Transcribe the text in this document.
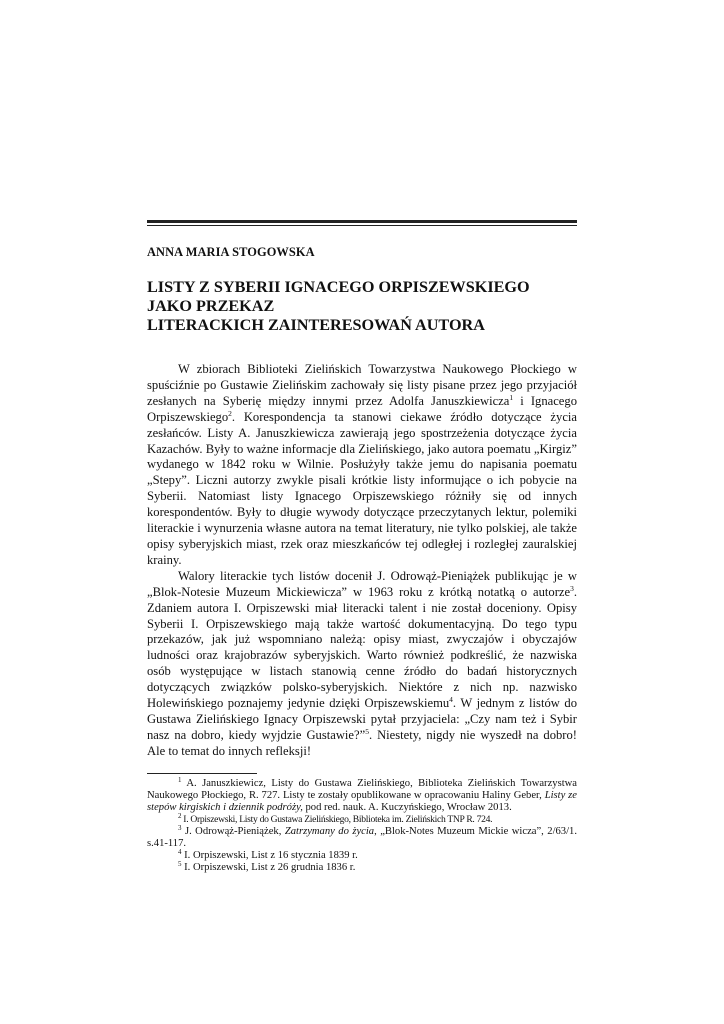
ANNA MARIA STOGOWSKA
LISTY Z SYBERII IGNACEGO ORPISZEWSKIEGO
JAKO PRZEKAZ
LITERACKICH ZAINTERESOWAŃ AUTORA

W zbiorach Biblioteki Zielińskich Towarzystwa Naukowego Płockiego w spuściźnie po Gustawie Zielińskim zachowały się listy pisane przez jego przyjaciół zesłanych na Syberię między innymi przez Adolfa Januszkiewicza$^1$ i Ignacego Orpiszewskiego$^2$. Korespondencja ta stanowi ciekawe źródło dotyczące życia zesłańców. Listy A. Januszkiewicza zawierają jego spostrzeżenia dotyczące życia Kazachów. Były to ważne informacje dla Zielińskiego, jako autora poematu „Kirgiz” wydanego w 1842 roku w Wilnie. Posłużyły także jemu do napisania poematu „Stepy”. Liczni autorzy zwykle pisali krótkie listy informujące o ich pobycie na Syberii. Natomiast listy Ignacego Orpiszewskiego różniły się od innych korespondentów. Były to długie wywody dotyczące przeczytanych lektur, polemiki literackie i wynurzenia własne autora na temat literatury, nie tylko polskiej, ale także opisy syberyjskich miast, rzek oraz mieszkańców tej odległej i rozległej zauralskiej krainy.

Walory literackie tych listów docenił J. Odrowąż-Pieniążek publikując je w „Blok-Notesie Muzeum Mickiewicza” w 1963 roku z krótką notatką o autorze$^3$. Zdaniem autora I. Orpiszewski miał literacki talent i nie został doceniony. Opisy Syberii I. Orpiszewskiego mają także wartość dokumentacyjną. Do tego typu przekazów, jak już wspomniano należą: opisy miast, zwyczajów i obyczajów ludności oraz krajobrazów syberyjskich. Warto również podkreślić, że nazwiska osób występujące w listach stanowią cenne źródło do badań historycznych dotyczących związków polsko-syberyjskich. Niektóre z nich np. nazwisko Holewińskiego poznajemy jedynie dzięki Orpiszewskiemu$^4$. W jednym z listów do Gustawa Zielińskiego Ignacy Orpiszewski pytał przyjaciela: „Czy nam też i Sybir nasz na dobro, kiedy wyjdzie Gustawie?”$^5$. Niestety, nigdy nie wyszedł na dobro! Ale to temat do innych refleksji!

$^1$ A. Januszkiewicz, Listy do Gustawa Zielińskiego, Biblioteka Zielińskich Towarzystwa Naukowego Płockiego, R. 727. Listy te zostały opublikowane w opracowaniu Haliny Geber, Listy ze stepów kirgiskich i dziennik podróży, pod red. nauk. A. Kuczyńskiego, Wrocław 2013.

$^2$ I. Orpiszewski, Listy do Gustawa Zielińskiego, Biblioteka im. Zielińskich TNP R. 724.

$^3$ J. Odrowąż-Pieniążek, Zatrzymany do życia, „Blok-Notes Muzeum Mickie wicza”, 2/63/1. s.41-117.

$^4$ I. Orpiszewski, List z 16 stycznia 1839 r.

$^5$ I. Orpiszewski, List z 26 grudnia 1836 r.
